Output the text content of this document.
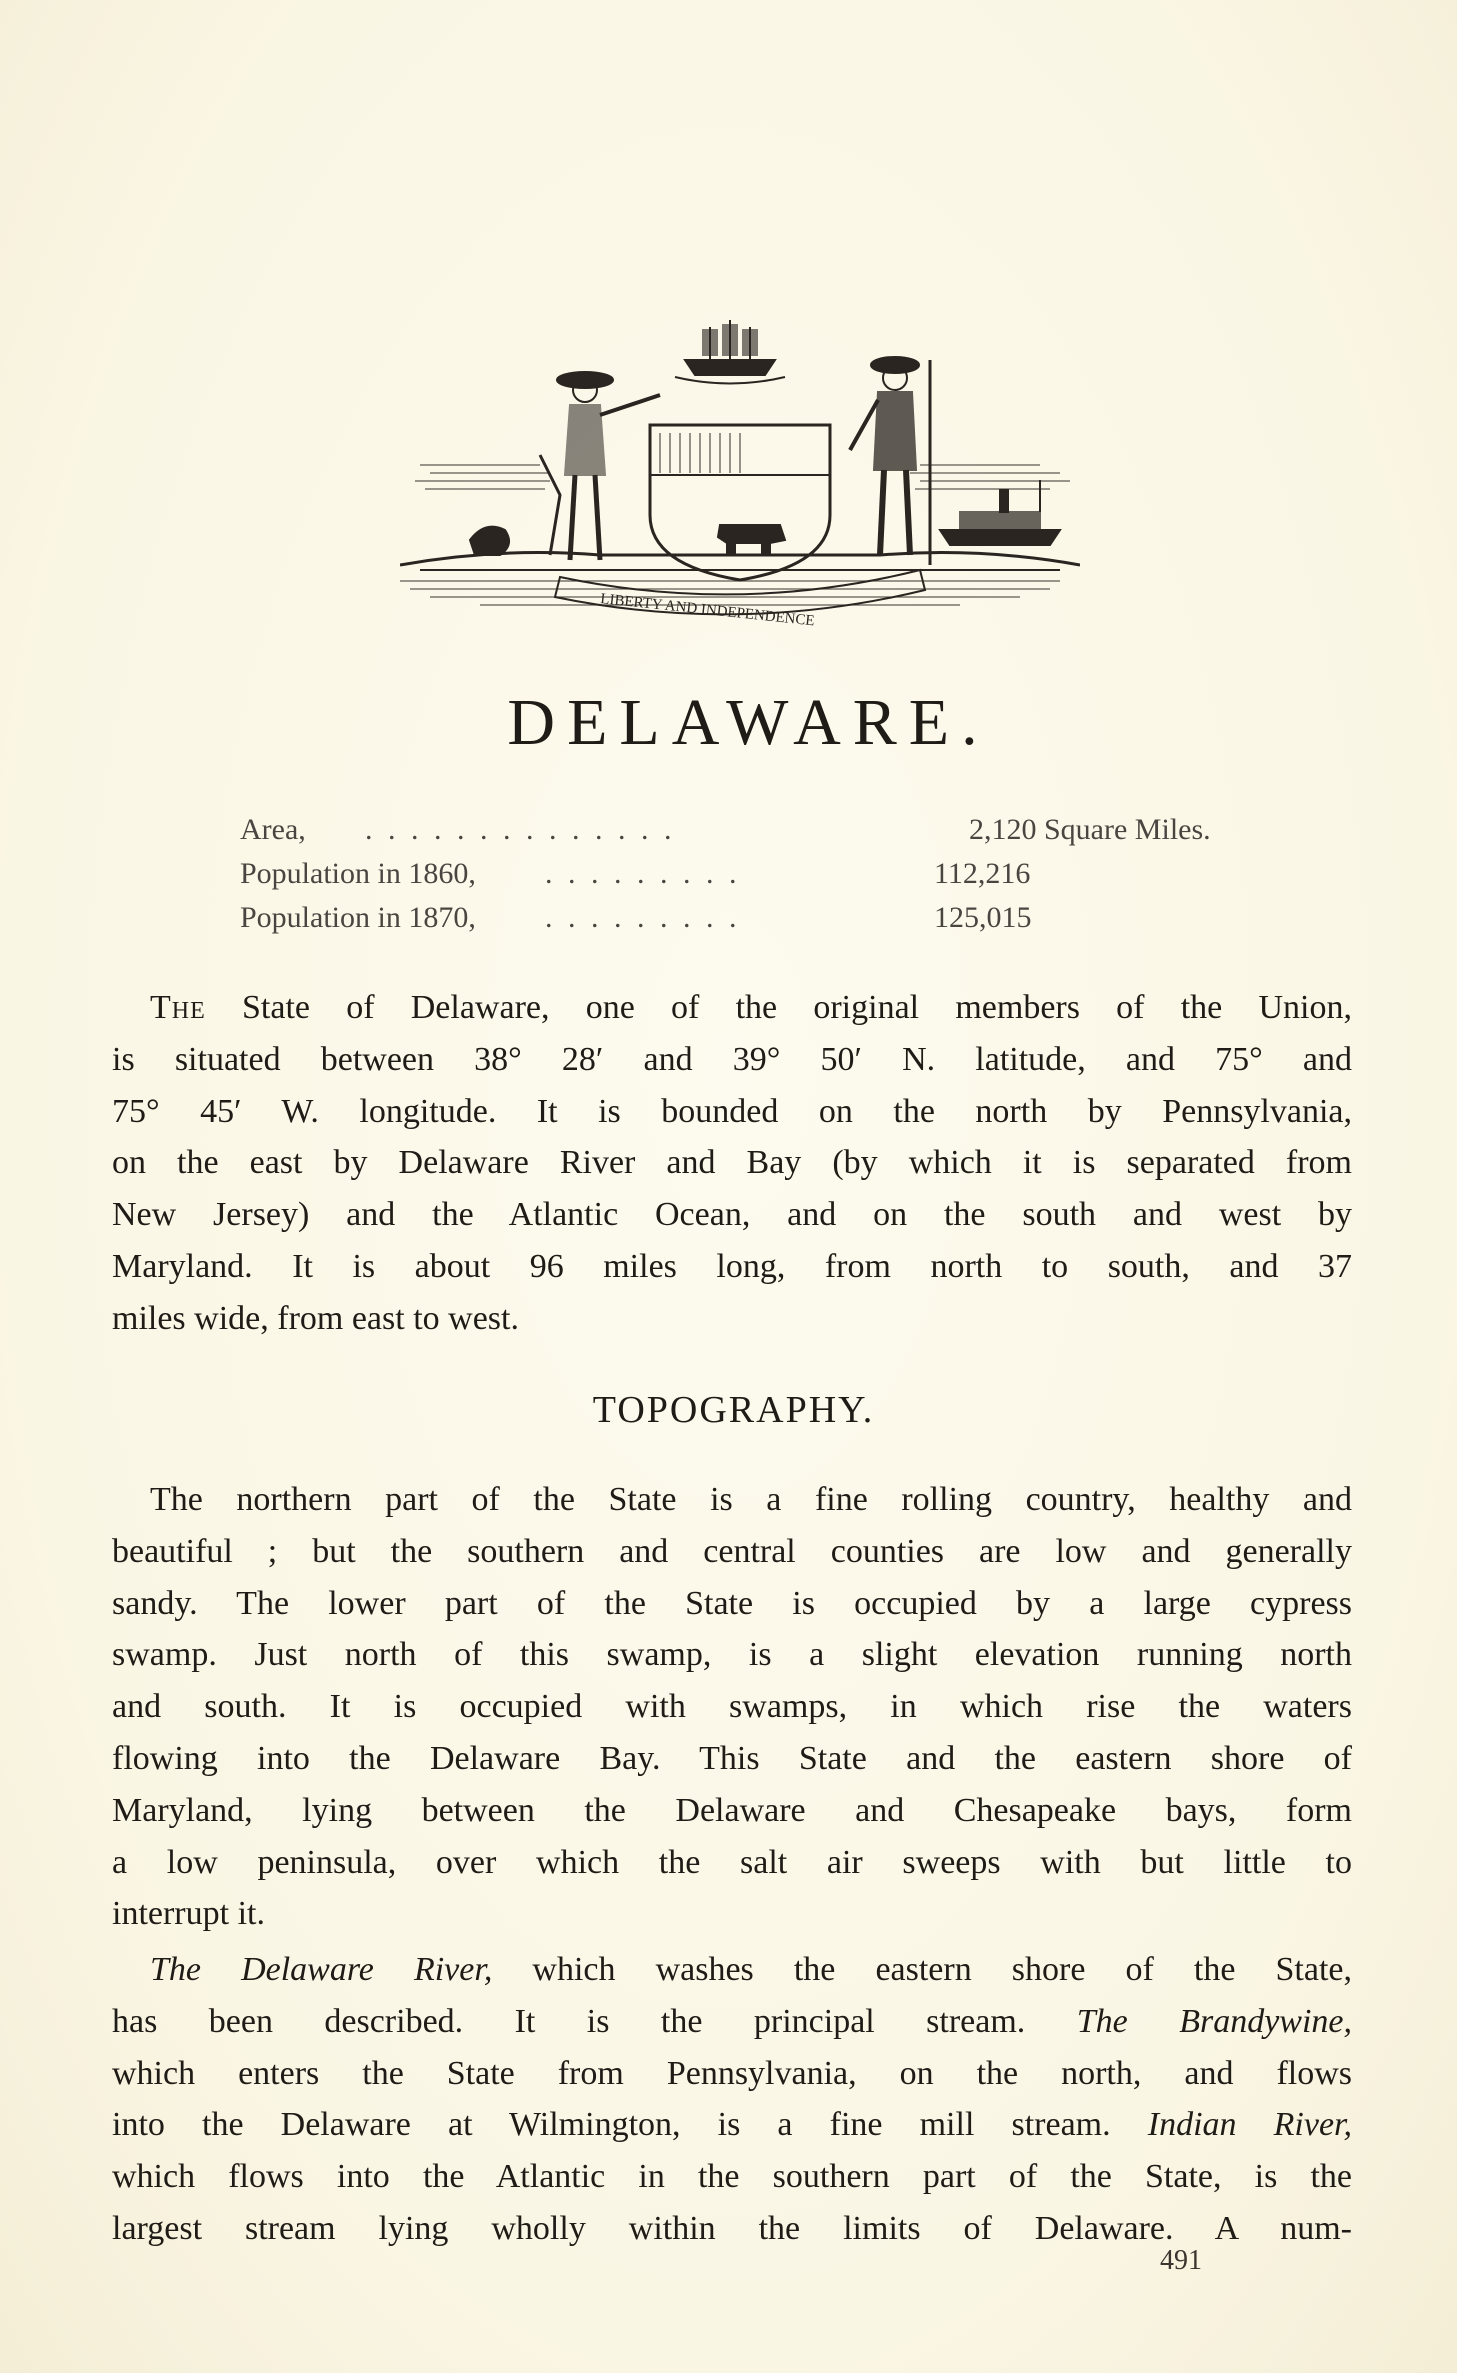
LIBERTY AND INDEPENDENCE
DELAWARE.
Area, . . . . . . . . . . . . . .	2,120 Square Miles.
Population in 1860, . . . . . . . . .	112,216
Population in 1870, . . . . . . . . .	125,015
The State of Delaware, one of the original members of the Union,
is situated between 38° 28′ and 39° 50′ N. latitude, and 75° and
75° 45′ W. longitude. It is bounded on the north by Pennsylvania,
on the east by Delaware River and Bay (by which it is separated from
New Jersey) and the Atlantic Ocean, and on the south and west by
Maryland. It is about 96 miles long, from north to south, and 37
miles wide, from east to west.
TOPOGRAPHY.
The northern part of the State is a fine rolling country, healthy and
beautiful ; but the southern and central counties are low and generally
sandy. The lower part of the State is occupied by a large cypress
swamp. Just north of this swamp, is a slight elevation running north
and south. It is occupied with swamps, in which rise the waters
flowing into the Delaware Bay. This State and the eastern shore of
Maryland, lying between the Delaware and Chesapeake bays, form
a low peninsula, over which the salt air sweeps with but little to
interrupt it.
The Delaware River, which washes the eastern shore of the State,
has been described. It is the principal stream. The Brandywine,
which enters the State from Pennsylvania, on the north, and flows
into the Delaware at Wilmington, is a fine mill stream. Indian River,
which flows into the Atlantic in the southern part of the State, is the
largest stream lying wholly within the limits of Delaware. A num-
491
